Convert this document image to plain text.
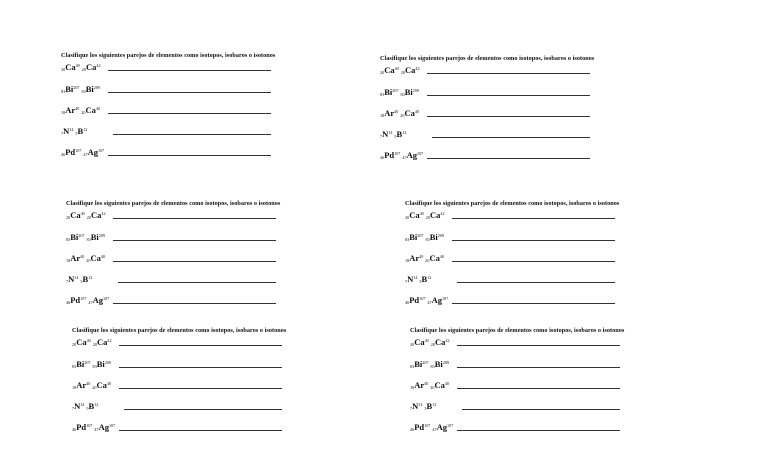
Clasifique los siguientes parejos de elementos como isotopos, isobaros o isotonos
$_{20}Ca^{40}_{20}Ca^{42}$
$_{83}Bi^{207}_{83}Bi^{209}$
$_{18}Ar^{40}_{20}Ca^{40}$
$_7N^{14}_5B^{12}$
$_{46}Pd^{107}_{47}Ag^{107}$
Clasifique los siguientes parejos de elementos como isotopos, isobaros o isotonos
$_{20}Ca^{40}_{20}Ca^{42}$
$_{83}Bi^{207}_{83}Bi^{209}$
$_{18}Ar^{40}_{20}Ca^{40}$
$_7N^{14}_5B^{12}$
$_{46}Pd^{107}_{47}Ag^{107}$
Clasifique los siguientes parejos de elementos como isotopos, isobaros o isotonos
$_{20}Ca^{40}_{20}Ca^{42}$
$_{83}Bi^{207}_{83}Bi^{209}$
$_{18}Ar^{40}_{20}Ca^{40}$
$_7N^{14}_5B^{12}$
$_{46}Pd^{107}_{47}Ag^{107}$
Clasifique los siguientes parejos de elementos como isotopos, isobaros o isotonos
$_{20}Ca^{40}_{20}Ca^{42}$
$_{83}Bi^{207}_{83}Bi^{209}$
$_{18}Ar^{40}_{20}Ca^{40}$
$_7N^{14}_5B^{12}$
$_{46}Pd^{107}_{47}Ag^{107}$
Clasifique los siguientes parejos de elementos como isotopos, isobaros o isotonos
$_{20}Ca^{40}_{20}Ca^{42}$
$_{83}Bi^{207}_{83}Bi^{209}$
$_{18}Ar^{40}_{20}Ca^{40}$
$_7N^{14}_5B^{12}$
$_{46}Pd^{107}_{47}Ag^{107}$
Clasifique los siguientes parejos de elementos como isotopos, isobaros o isotonos
$_{20}Ca^{40}_{20}Ca^{42}$
$_{83}Bi^{207}_{83}Bi^{209}$
$_{18}Ar^{40}_{20}Ca^{40}$
$_7N^{14}_5B^{12}$
$_{46}Pd^{107}_{47}Ag^{107}$
